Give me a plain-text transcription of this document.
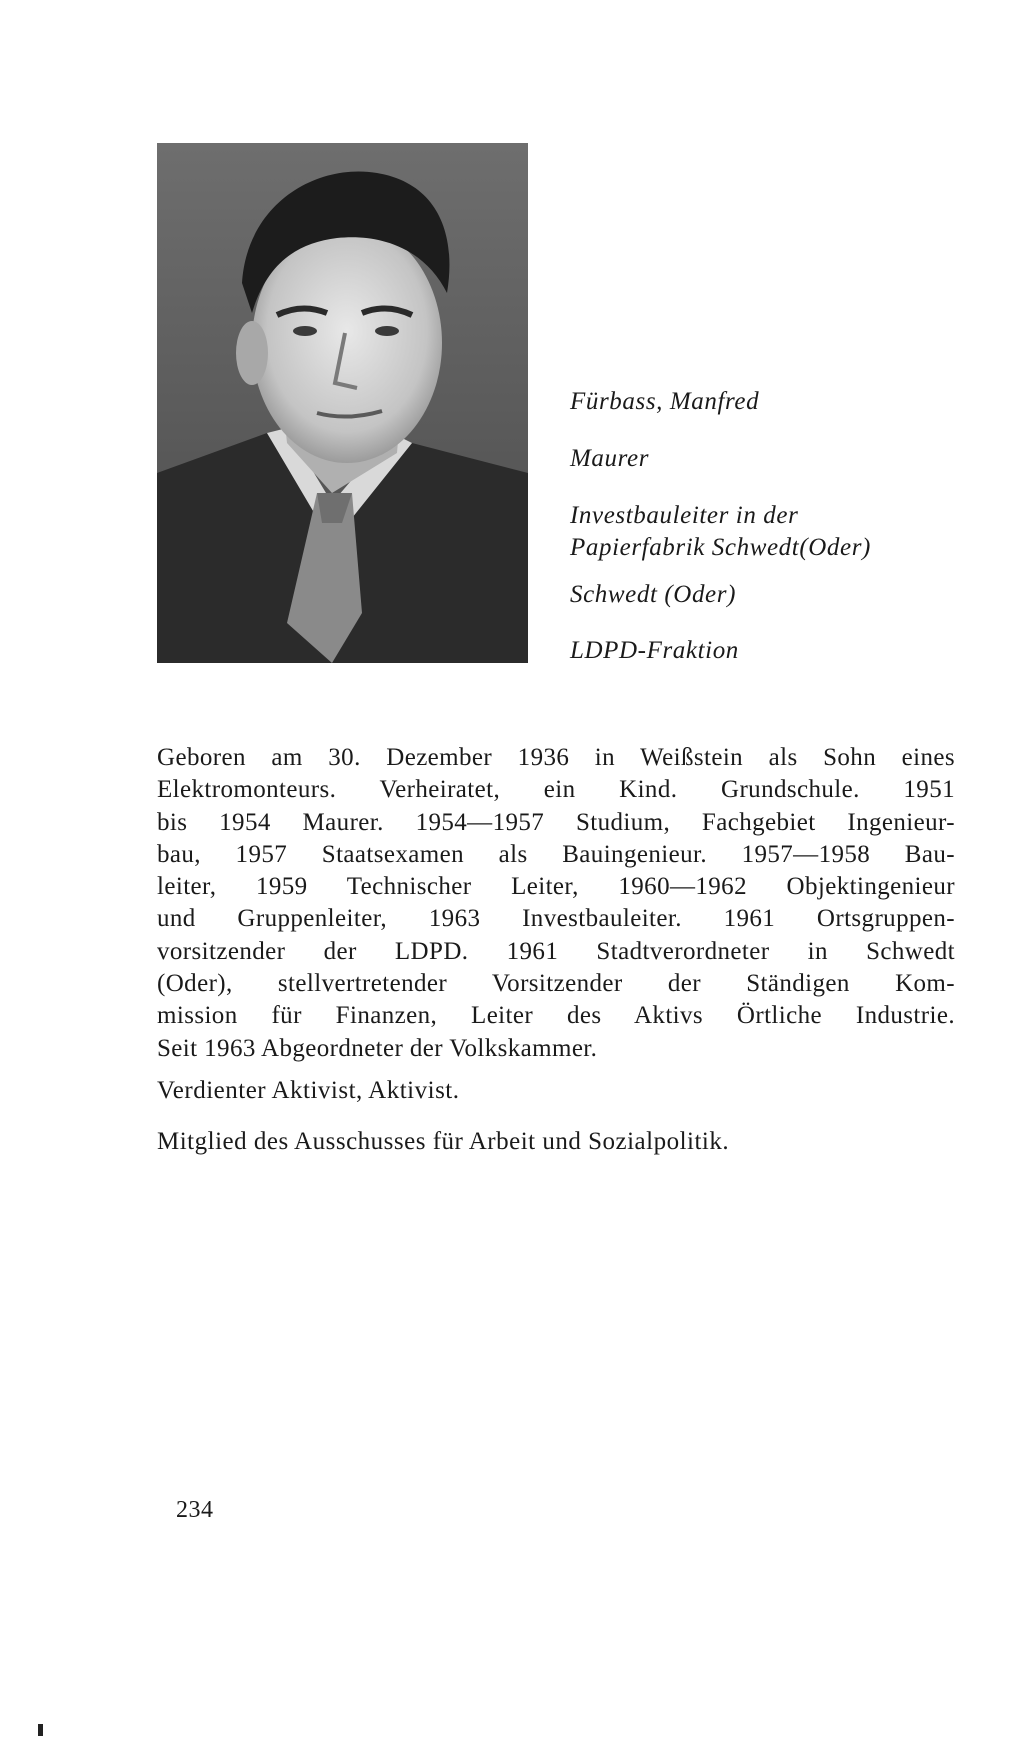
Fürbass, Manfred

Maurer

Investbauleiter in der

Papierfabrik Schwedt(Oder)

Schwedt (Oder)

LDPD-Fraktion

Geboren am 30. Dezember 1936 in Weißstein als Sohn eines
Elektromonteurs. Verheiratet, ein Kind. Grundschule. 1951
bis 1954 Maurer. 1954—1957 Studium, Fachgebiet Ingenieur-
bau, 1957 Staatsexamen als Bauingenieur. 1957—1958 Bau-
leiter, 1959 Technischer Leiter, 1960—1962 Objektingenieur
und Gruppenleiter, 1963 Investbauleiter. 1961 Ortsgruppen-
vorsitzender der LDPD. 1961 Stadtverordneter in Schwedt
(Oder), stellvertretender Vorsitzender der Ständigen Kom-
mission für Finanzen, Leiter des Aktivs Örtliche Industrie.
Seit 1963 Abgeordneter der Volkskammer.
Verdienter Aktivist, Aktivist.
Mitglied des Ausschusses für Arbeit und Sozialpolitik.
234
